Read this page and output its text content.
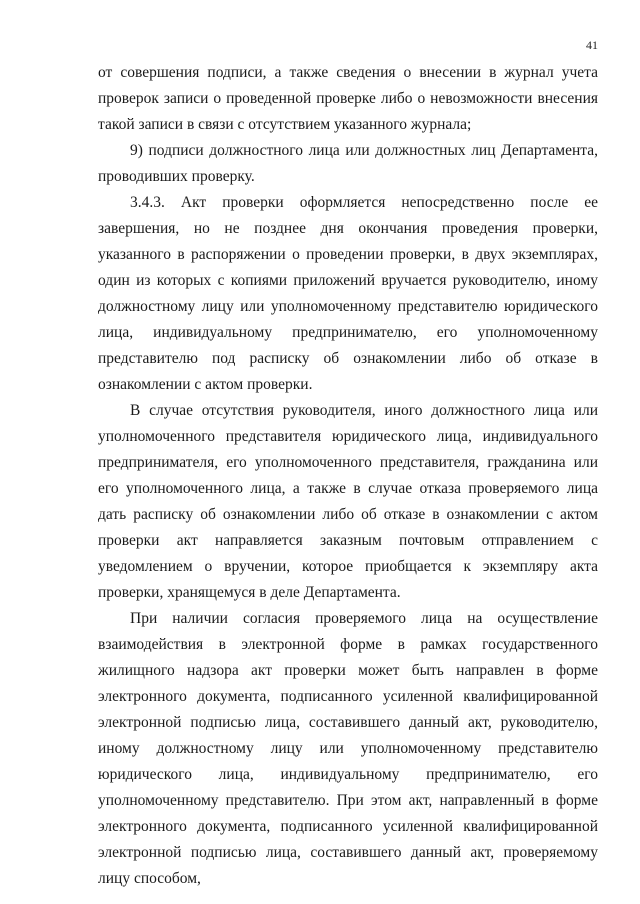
41

от совершения подписи, а также сведения о внесении в журнал учета проверок записи о проведенной проверке либо о невозможности внесения такой записи в связи с отсутствием указанного журнала;

9) подписи должностного лица или должностных лиц Департамента, проводивших проверку.

3.4.3. Акт проверки оформляется непосредственно после ее завершения, но не позднее дня окончания проведения проверки, указанного в распоряжении о проведении проверки, в двух экземплярах, один из которых с копиями приложений вручается руководителю, иному должностному лицу или уполномоченному представителю юридического лица, индивидуальному предпринимателю, его уполномоченному представителю под расписку об ознакомлении либо об отказе в ознакомлении с актом проверки.

В случае отсутствия руководителя, иного должностного лица или уполномоченного представителя юридического лица, индивидуального предпринимателя, его уполномоченного представителя, гражданина или его уполномоченного лица, а также в случае отказа проверяемого лица дать расписку об ознакомлении либо об отказе в ознакомлении с актом проверки акт направляется заказным почтовым отправлением с уведомлением о вручении, которое приобщается к экземпляру акта проверки, хранящемуся в деле Департамента.

При наличии согласия проверяемого лица на осуществление взаимодействия в электронной форме в рамках государственного жилищного надзора акт проверки может быть направлен в форме электронного документа, подписанного усиленной квалифицированной электронной подписью лица, составившего данный акт, руководителю, иному должностному лицу или уполномоченному представителю юридического лица, индивидуальному предпринимателю, его уполномоченному представителю. При этом акт, направленный в форме электронного документа, подписанного усиленной квалифицированной электронной подписью лица, составившего данный акт, проверяемому лицу способом,
